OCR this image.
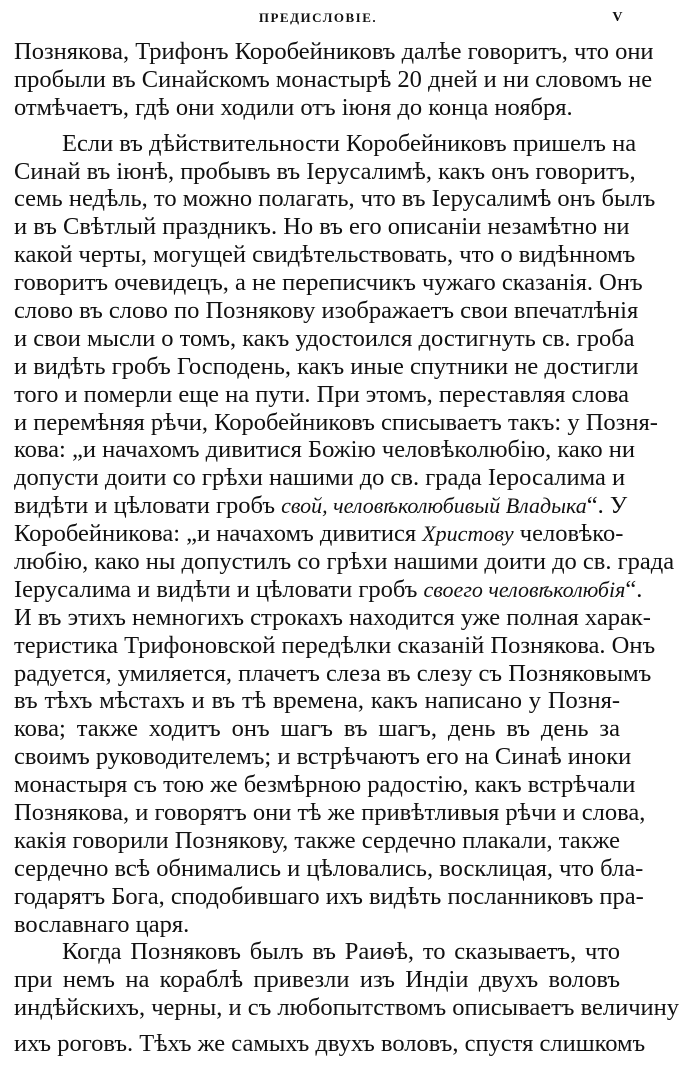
ПРЕДИСЛОВІЕ.	V
Познякова, Трифонъ Коробейниковъ далѣе говоритъ, что они
пробыли въ Синайскомъ монастырѣ 20 дней и ни словомъ не
отмѣчаетъ, гдѣ они ходили отъ іюня до конца ноября.
Если въ дѣйствительности Коробейниковъ пришелъ на
Синай въ іюнѣ, пробывъ въ Іерусалимѣ, какъ онъ говоритъ,
семь недѣль, то можно полагать, что въ Іерусалимѣ онъ былъ
и въ Свѣтлый праздникъ. Но въ его описаніи незамѣтно ни
какой черты, могущей свидѣтельствовать, что о видѣнномъ
говоритъ очевидецъ, а не переписчикъ чужаго сказанія. Онъ
слово въ слово по Познякову изображаетъ свои впечатлѣнія
и свои мысли о томъ, какъ удостоился достигнуть св. гроба
и видѣть гробъ Господень, какъ иные спутники не достигли
того и померли еще на пути. При этомъ, переставляя слова
и перемѣняя рѣчи, Коробейниковъ списываетъ такъ: у Позня-
кова: „и начахомъ дивитися Божію человѣколюбію, како ни
допусти доити со грѣхи нашими до св. града Іеросалима и
видѣти и цѣловати гробъ свой, человѣколюбивый Владыка“. У
Коробейникова: „и начахомъ дивитися Христову человѣко-
любію, како ны допустилъ со грѣхи нашими доити до св. града
Іерусалима и видѣти и цѣловати гробъ своего человѣколюбія“.
И въ этихъ немногихъ строкахъ находится уже полная харак-
теристика Трифоновской передѣлки сказаній Познякова. Онъ
радуется, умиляется, плачетъ слеза въ слезу съ Позняковымъ
въ тѣхъ мѣстахъ и въ тѣ времена, какъ написано у Позня-
кова; также ходитъ онъ шагъ въ шагъ, день въ день за
своимъ руководителемъ; и встрѣчаютъ его на Синаѣ иноки
монастыря съ тою же безмѣрною радостію, какъ встрѣчали
Познякова, и говорятъ они тѣ же привѣтливыя рѣчи и слова,
какія говорили Познякову, также сердечно плакали, также
сердечно всѣ обнимались и цѣловались, восклицая, что бла-
годарятъ Бога, сподобившаго ихъ видѣть посланниковъ пра-
вославнаго царя.
Когда Позняковъ былъ въ Раиѳѣ, то сказываетъ, что
при немъ на кораблѣ привезли изъ Индіи двухъ воловъ
индѣйскихъ, черны, и съ любопытствомъ описываетъ величину
ихъ роговъ. Тѣхъ же самыхъ двухъ воловъ, спустя слишкомъ
